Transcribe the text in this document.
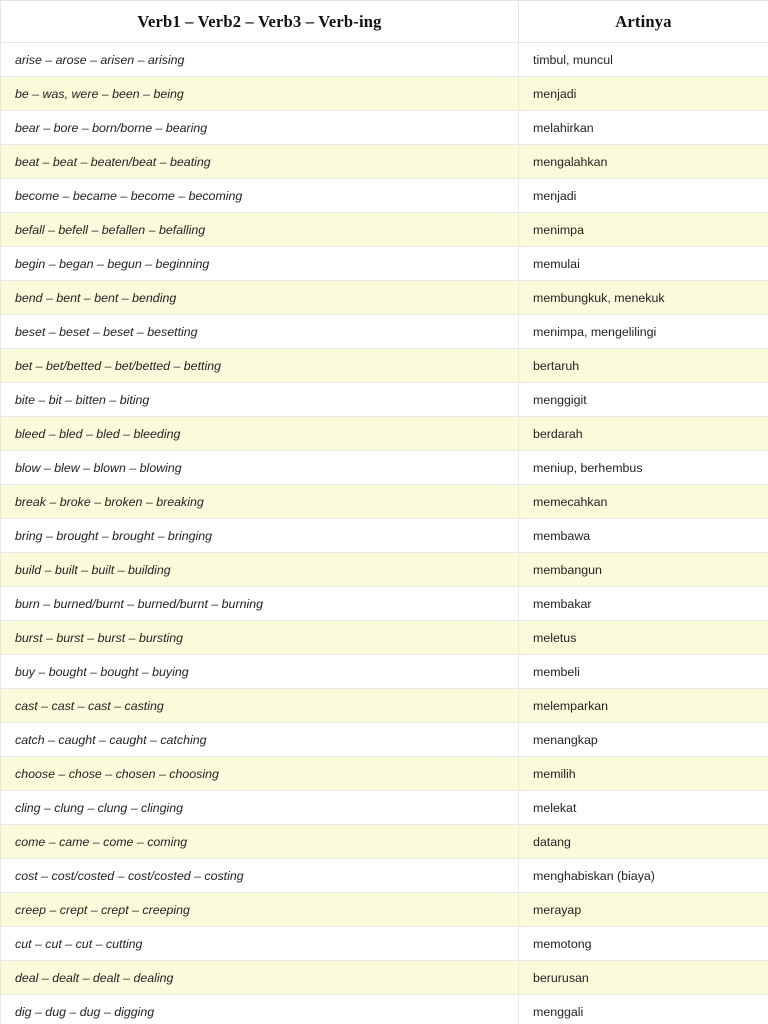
Verb1 – Verb2 – Verb3 – Verb-ing	Artinya
arise – arose – arisen – arising	timbul, muncul
be – was, were – been – being	menjadi
bear – bore – born/borne – bearing	melahirkan
beat – beat – beaten/beat – beating	mengalahkan
become – became – become – becoming	menjadi
befall – befell – befallen – befalling	menimpa
begin – began – begun – beginning	memulai
bend – bent – bent – bending	membungkuk, menekuk
beset – beset – beset – besetting	menimpa, mengelilingi
bet – bet/betted – bet/betted – betting	bertaruh
bite – bit – bitten – biting	menggigit
bleed – bled – bled – bleeding	berdarah
blow – blew – blown – blowing	meniup, berhembus
break – broke – broken – breaking	memecahkan
bring – brought – brought – bringing	membawa
build – built – built – building	membangun
burn – burned/burnt – burned/burnt – burning	membakar
burst – burst – burst – bursting	meletus
buy – bought – bought – buying	membeli
cast – cast – cast – casting	melemparkan
catch – caught – caught – catching	menangkap
choose – chose – chosen – choosing	memilih
cling – clung – clung – clinging	melekat
come – came – come – coming	datang
cost – cost/costed – cost/costed – costing	menghabiskan (biaya)
creep – crept – crept – creeping	merayap
cut – cut – cut – cutting	memotong
deal – dealt – dealt – dealing	berurusan
dig – dug – dug – digging	menggali
